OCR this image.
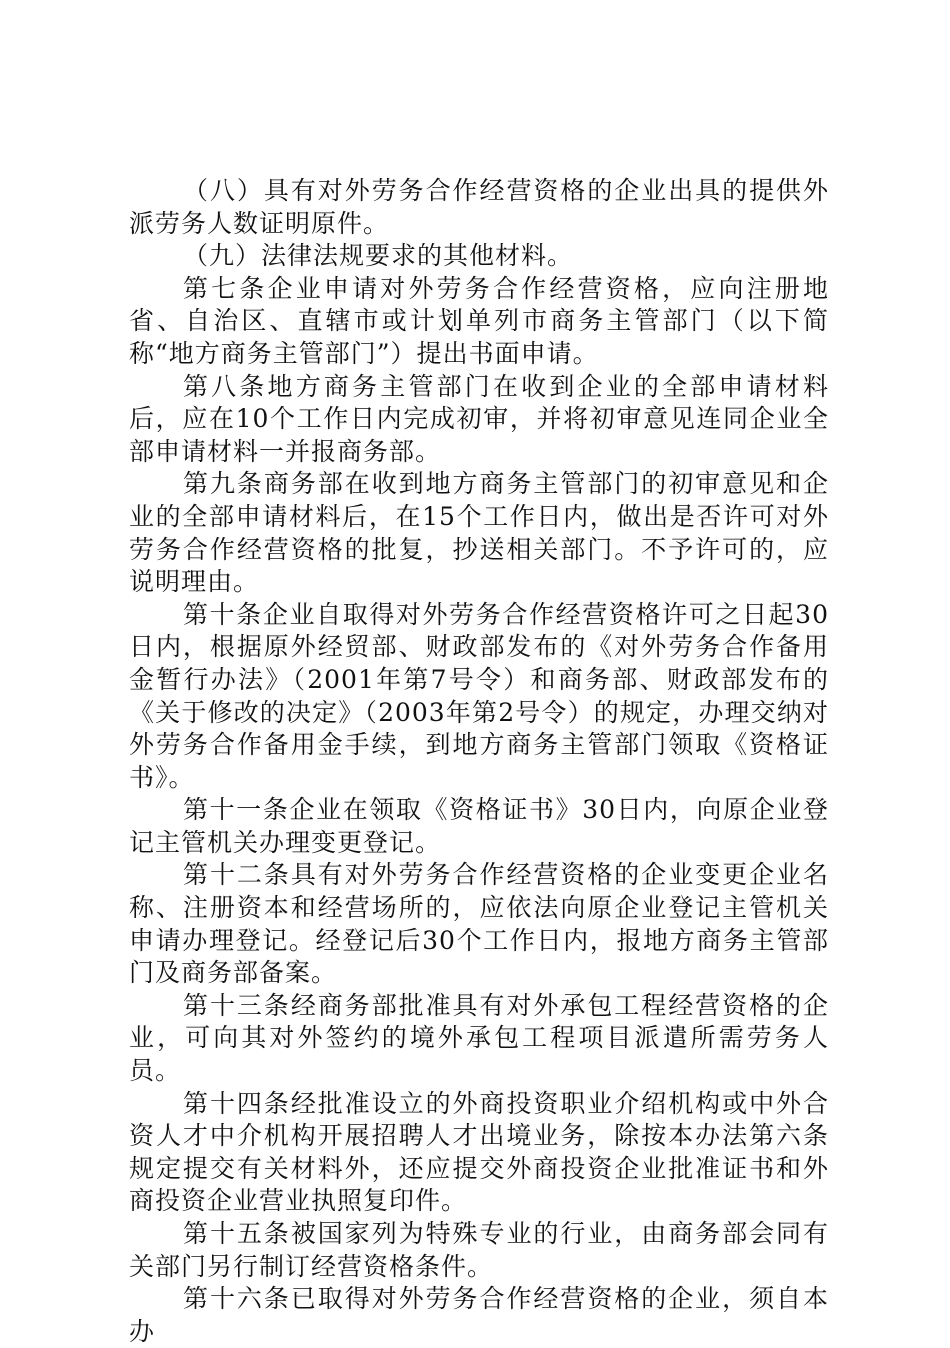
（八）具有对外劳务合作经营资格的企业出具的提供外派劳务人数证明原件。

（九）法律法规要求的其他材料。

第七条企业申请对外劳务合作经营资格，应向注册地省、自治区、直辖市或计划单列市商务主管部门（以下简称“地方商务主管部门”）提出书面申请。

第八条地方商务主管部门在收到企业的全部申请材料后，应在10个工作日内完成初审，并将初审意见连同企业全部申请材料一并报商务部。

第九条商务部在收到地方商务主管部门的初审意见和企业的全部申请材料后，在15个工作日内，做出是否许可对外劳务合作经营资格的批复，抄送相关部门。不予许可的，应说明理由。

第十条企业自取得对外劳务合作经营资格许可之日起30日内，根据原外经贸部、财政部发布的《对外劳务合作备用金暂行办法》（2001年第7号令）和商务部、财政部发布的《关于修改的决定》（2003年第2号令）的规定，办理交纳对外劳务合作备用金手续，到地方商务主管部门领取《资格证书》。

第十一条企业在领取《资格证书》30日内，向原企业登记主管机关办理变更登记。

第十二条具有对外劳务合作经营资格的企业变更企业名称、注册资本和经营场所的，应依法向原企业登记主管机关申请办理登记。经登记后30个工作日内，报地方商务主管部门及商务部备案。

第十三条经商务部批准具有对外承包工程经营资格的企业，可向其对外签约的境外承包工程项目派遣所需劳务人员。

第十四条经批准设立的外商投资职业介绍机构或中外合资人才中介机构开展招聘人才出境业务，除按本办法第六条规定提交有关材料外，还应提交外商投资企业批准证书和外商投资企业营业执照复印件。

第十五条被国家列为特殊专业的行业，由商务部会同有关部门另行制订经营资格条件。

第十六条已取得对外劳务合作经营资格的企业，须自本办
